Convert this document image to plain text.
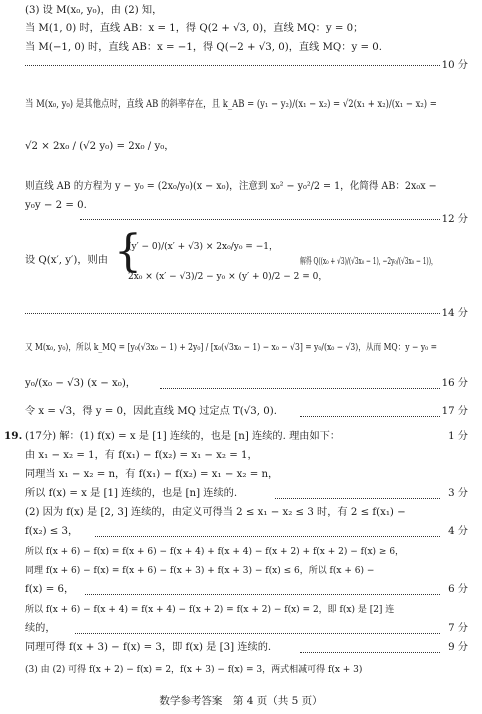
(3) 设 M(x₀, y₀)，由 (2) 知，
当 M(1, 0) 时，直线 AB：x = 1，得 Q(2 + √3, 0)，直线 MQ：y = 0；
当 M(−1, 0) 时，直线 AB：x = −1，得 Q(−2 + √3, 0)，直线 MQ：y = 0.
10 分
当 M(x₀, y₀) 是其他点时，直线 AB 的斜率存在，且 k_AB = (y₁ − y₂)/(x₁ − x₂) = √2(x₁ + x₂)/(x₁ − x₂) =
√2 × 2x₀ / (√2 y₀) = 2x₀ / y₀，
则直线 AB 的方程为 y − y₀ = (2x₀/y₀)(x − x₀)，注意到 x₀² − y₀²/2 = 1，化简得 AB：2x₀x −
y₀y − 2 = 0.
12 分
设 Q(x′, y′)，则由 {
(y′ − 0)/(x′ + √3) × 2x₀/y₀ = −1，
2x₀ × (x′ − √3)/2 − y₀ × (y′ + 0)/2 − 2 = 0，
解得 Q((x₀ + √3)/(√3x₀ − 1), −2y₀/(√3x₀ − 1))，
14 分
又 M(x₀, y₀)，所以 k_MQ = [y₀(√3x₀ − 1) + 2y₀] / [x₀(√3x₀ − 1) − x₀ − √3] = y₀/(x₀ − √3)，从而 MQ：y − y₀ =
y₀/(x₀ − √3) (x − x₀)，	16 分
令 x = √3，得 y = 0，因此直线 MQ 过定点 T(√3, 0).	17 分
19. (17分) 解：(1) f(x) = x 是 [1] 连续的，也是 [n] 连续的. 理由如下：	1 分
由 x₁ − x₂ = 1，有 f(x₁) − f(x₂) = x₁ − x₂ = 1，
同理当 x₁ − x₂ = n，有 f(x₁) − f(x₂) = x₁ − x₂ = n，
所以 f(x) = x 是 [1] 连续的，也是 [n] 连续的.	3 分
(2) 因为 f(x) 是 [2, 3] 连续的，由定义可得当 2 ≤ x₁ − x₂ ≤ 3 时，有 2 ≤ f(x₁) −
f(x₂) ≤ 3，	4 分
所以 f(x + 6) − f(x) = f(x + 6) − f(x + 4) + f(x + 4) − f(x + 2) + f(x + 2) − f(x) ≥ 6，
同理 f(x + 6) − f(x) = f(x + 6) − f(x + 3) + f(x + 3) − f(x) ≤ 6，所以 f(x + 6) −
f(x) = 6，	6 分
所以 f(x + 6) − f(x + 4) = f(x + 4) − f(x + 2) = f(x + 2) − f(x) = 2，即 f(x) 是 [2] 连
续的，	7 分
同理可得 f(x + 3) − f(x) = 3，即 f(x) 是 [3] 连续的.	9 分
(3) 由 (2) 可得 f(x + 2) − f(x) = 2，f(x + 3) − f(x) = 3，两式相减可得 f(x + 3)
数学参考答案　第 4 页（共 5 页）
